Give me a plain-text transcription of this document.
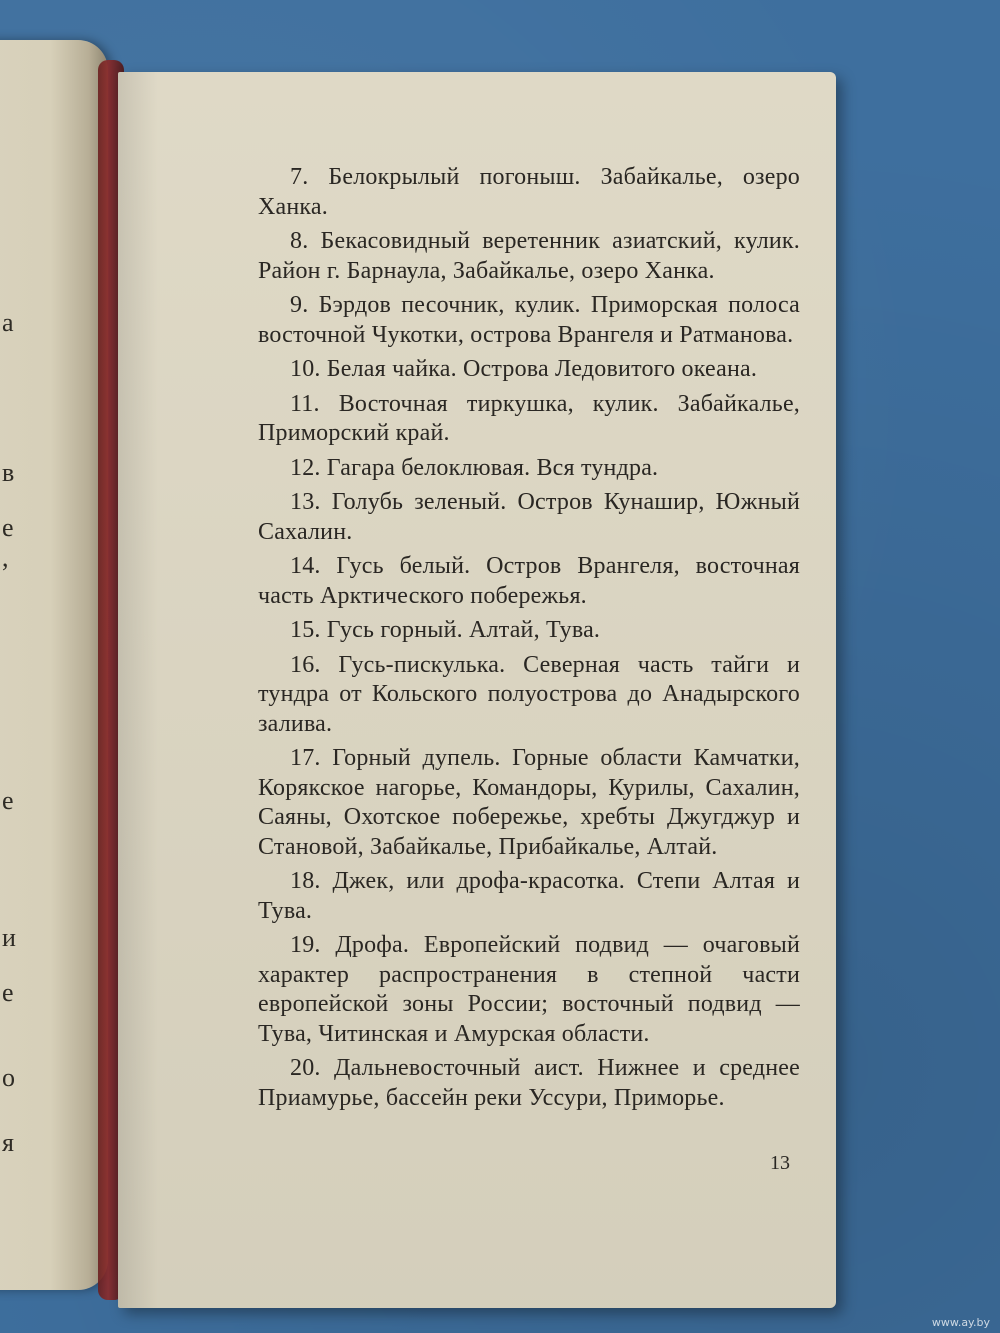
а
в
е
,
е
и
е
о
я

7. Белокрылый погоныш. Забайкалье, озеро Ханка.

8. Бекасовидный веретенник азиатский, кулик. Район г. Барнаула, Забайкалье, озеро Ханка.

9. Бэрдов песочник, кулик. Приморская полоса восточной Чукотки, острова Врангеля и Ратманова.

10. Белая чайка. Острова Ледовитого океана.

11. Восточная тиркушка, кулик. Забайкалье, Приморский край.

12. Гагара белоклювая. Вся тундра.

13. Голубь зеленый. Остров Кунашир, Южный Сахалин.

14. Гусь белый. Остров Врангеля, восточная часть Арктического побережья.

15. Гусь горный. Алтай, Тува.

16. Гусь-пискулька. Северная часть тайги и тундра от Кольского полуострова до Анадырского залива.

17. Горный дупель. Горные области Камчатки, Корякское нагорье, Командоры, Курилы, Сахалин, Саяны, Охотское побережье, хребты Джугджур и Становой, Забайкалье, Прибайкалье, Алтай.

18. Джек, или дрофа-красотка. Степи Алтая и Тува.

19. Дрофа. Европейский подвид — очаговый характер распространения в степной части европейской зоны России; восточный подвид — Тува, Читинская и Амурская области.

20. Дальневосточный аист. Нижнее и среднее Приамурье, бассейн реки Уссури, Приморье.

13
www.ay.by
